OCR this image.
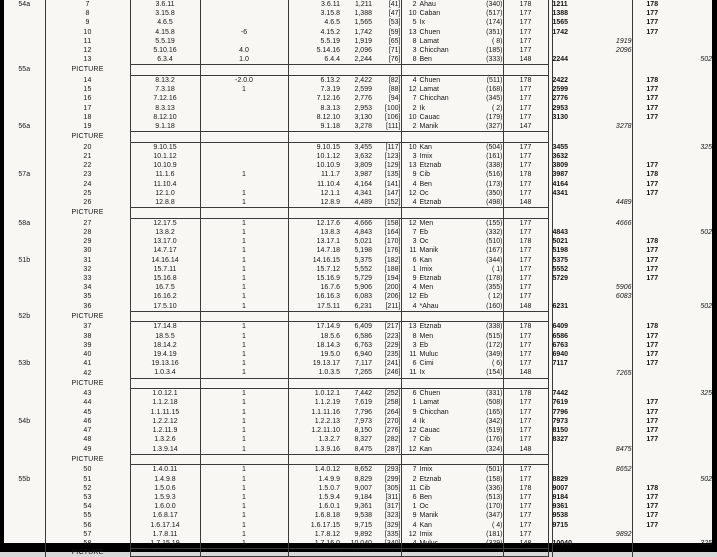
54a	7	3.6.11		3.6.11	1,211	[41]	2 Ahau	(340)	178		1211		178	
	8	3.15.8		3.15.8	1,388	[47]	10 Caban	(517)	177		1388		177	
	9	4.6.5		4.6.5	1,565	[53]	5 Ix	(174)	177		1565		177	
	10	4.15.8	-6	4.15.2	1,742	[59]	13 Chuen	(351)	177		1742		177	
	11	5.5.19		5.5.19	1,919	[65]	8 Lamat	( 8)	177			1919		
	12	5.10.16	4.0	5.14.16	2,096	[71]	3 Chicchan	(185)	177			2096		
	13	6.3.4	1.0	6.4.4	2,244	[76]	8 Ben	(333)	148		2244			502
55a	PICTURE													
	14	8.13.2	-2.0.0	6.13.2	2,422	[82]	4 Chuen	(511)	178		2422		178	
	15	7.3.18	1	7.3.19	2,599	[88]	12 Lamat	(168)	177		2599		177	
	16	7.12.16		7.12.16	2,776	[94]	7 Chicchan	(345)	177		2776		177	
	17	8.3.13		8.3.13	2,953	[100]	2 Ik	( 2)	177		2953		177	
	18	8.12.10		8.12.10	3,130	[106]	10 Cauac	(179)	177		3130		177	
56a	19	9.1.18		9.1.18	3,278	[111]	2 Manik	(327)	147			3278		
	PICTURE													
	20	9.10.15		9.10.15	3,455	[117]	10 Kan	(504)	177		3455			325
	21	10.1.12		10.1.12	3,632	[123]	3 Imix	(161)	177		3632			
	22	10.10.9		10.10.9	3,809	[129]	13 Etznab	(338)	177		3809		177	
57a	23	11.1.6	1	11.1.7	3,987	[135]	9 Cib	(516)	178		3987		178	
	24	11.10.4		11.10.4	4,164	[141]	4 Ben	(173)	177		4164		177	
	25	12.1.0	1	12.1.1	4,341	[147]	12 Oc	(350)	177		4341		177	
	26	12.8.8	1	12.8.9	4,489	[152]	4 Etznab	(498)	148			4489		
	PICTURE													
58a	27	12.17.5	1	12.17.6	4,666	[158]	12 Men	(155)	177			4666		
	28	13.8.2	1	13.8.3	4,843	[164]	7 Eb	(332)	177		4843			502
	29	13.17.0	1	13.17.1	5,021	[170]	3 Oc	(510)	178		5021		178	
	30	14.7.17	1	14.7.18	5,198	[176]	11 Manik	(167)	177		5198		177	
51b	31	14.16.14	1	14.16.15	5,375	[182]	6 Kan	(344)	177		5375		177	
	32	15.7.11	1	15.7.12	5,552	[188]	1 Imix	( 1)	177		5552		177	
	33	15.16.8	1	15.16.9	5,729	[194]	9 Etznab	(178)	177		5729		177	
	34	16.7.5	1	16.7.6	5,906	[200]	4 Men	(355)	177			5906		
	35	16.16.2	1	16.16.3	6,083	[206]	12 Eb	( 12)	177			6083		
	36	17.5.10	1	17.5.11	6,231	[211]	4 *Ahau	(160)	148		6231			502
52b	PICTURE													
	37	17.14.8	1	17.14.9	6,409	[217]	13 Etznab	(338)	178		6409		178	
	38	18.5.5	1	18.5.6	6,586	[223]	8 Men	(515)	177		6586		177	
	39	18.14.2	1	18.14.3	6,763	[229]	3 Eb	(172)	177		6763		177	
	40	19.4.19	1	19.5.0	6,940	[235]	11 Muluc	(349)	177		6940		177	
53b	41	19.13.16	1	19.13.17	7,117	[241]	6 Cimi	( 6)	177		7117		177	
	42	1.0.3.4	1	1.0.3.5	7,265	[246]	11 Ix	(154)	148			7265		
	PICTURE													
	43	1.0.12.1	1	1.0.12.1	7,442	[252]	6 Chuen	(331)	178		7442			325
	44	1.1.2.18	1	1.1.2.19	7,619	[258]	1 Lamat	(508)	177		7619		177	
	45	1.1.11.15	1	1.1.11.16	7,796	[264]	9 Chicchan	(165)	177		7796		177	
54b	46	1.2.2.12	1	1.2.2.13	7,973	[270]	4 Ik	(342)	177		7973		177	
	47	1.2.11.9	1	1.2.11.10	8,150	[276]	12 Cauac	(519)	177		8150		177	
	48	1.3.2.6	1	1.3.2.7	8,327	[282]	7 Cib	(176)	177		8327		177	
	49	1.3.9.14	1	1.3.9.16	8,475	[287]	12 Kan	(324)	148			8475		
	PICTURE													
	50	1.4.0.11	1	1.4.0.12	8,652	[293]	7 Imix	(501)	177			8652		
55b	51	1.4.9.8	1	1.4.9.9	8,829	[299]	2 Etznab	(158)	177		8829			502
	52	1.5.0.6	1	1.5.0.7	9,007	[305]	11 Cib	(336)	178		9007		178	
	53	1.5.9.3	1	1.5.9.4	9,184	[311]	6 Ben	(513)	177		9184		177	
	54	1.6.0.0	1	1.6.0.1	9,361	[317]	1 Oc	(170)	177		9361		177	
	55	1.6.8.17	1	1.6.8.18	9,538	[323]	9 Manik	(347)	177		9538		177	
	56	1.6.17.14	1	1.6.17.15	9,715	[329]	4 Kan	( 4)	177		9715		177	
	57	1.7.8.11	1	1.7.8.12	9,892	[335]	12 Imix	(181)	177			9892		
	58	1.7.15.19	1	1.7.16.0	10,040	[340]	4 Muluc	(329)	148		10040			325
	PICTURE													
